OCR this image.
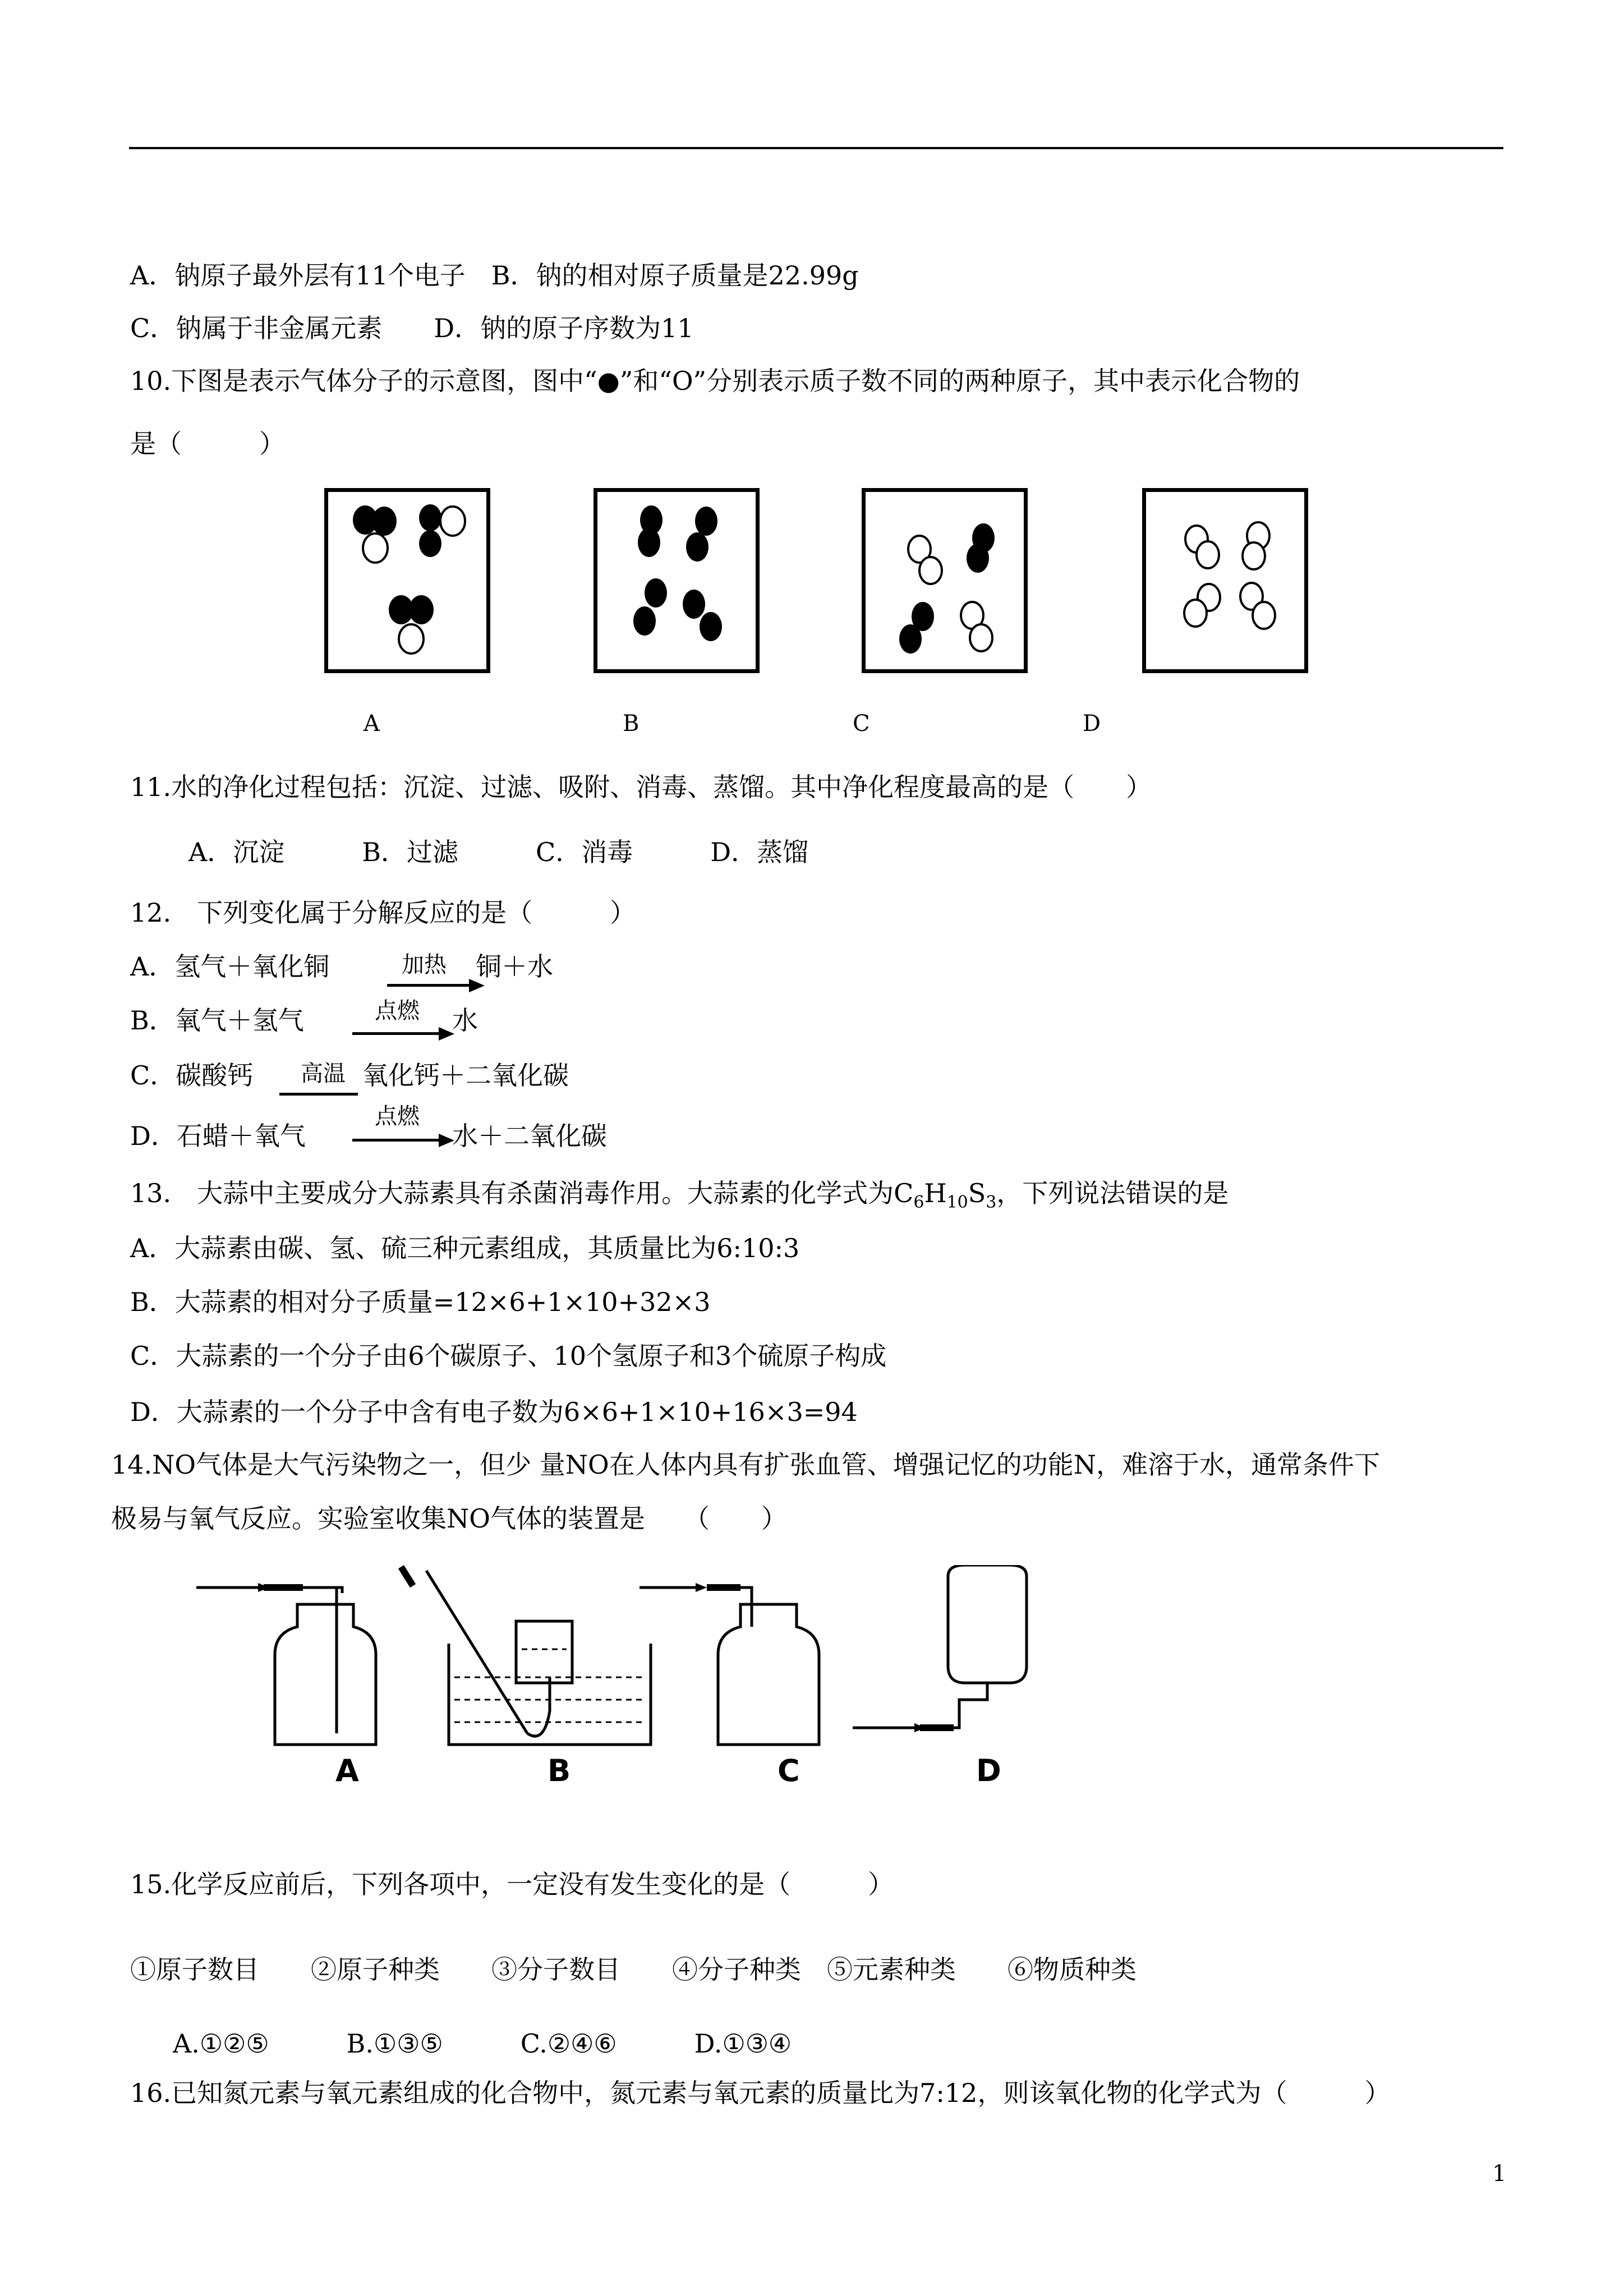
A．钠原子最外层有11个电子　B．钠的相对原子质量是22.99g
C．钠属于非金属元素　　D．钠的原子序数为11
10.下图是表示气体分子的示意图，图中“●”和“O”分别表示质子数不同的两种原子，其中表示化合物的
是（　　　）
A	B	C	D
11.水的净化过程包括：沉淀、过滤、吸附、消毒、蒸馏。其中净化程度最高的是（　　）
A．沉淀　　　B．过滤　　　C．消毒　　　D．蒸馏
12.　下列变化属于分解反应的是（　　　）
A．氢气＋氧化铜	加热 铜＋水
B．氧气＋氢气	点燃 水
C．碳酸钙 高温 氧化钙＋二氧化碳
D．石蜡＋氧气
点燃
水＋二氧化碳
13.　大蒜中主要成分大蒜素具有杀菌消毒作用。大蒜素的化学式为$C_6H_{10}S_3$，下列说法错误的是
A．大蒜素由碳、氢、硫三种元素组成，其质量比为6:10:3
B．大蒜素的相对分子质量=12×6+1×10+32×3
C．大蒜素的一个分子由6个碳原子、10个氢原子和3个硫原子构成
D．大蒜素的一个分子中含有电子数为6×6+1×10+16×3=94
14.NO气体是大气污染物之一，但少 量NO在人体内具有扩张血管、增强记忆的功能N，难溶于水，通常条件下
极易与氧气反应。实验室收集NO气体的装置是　　（　　）
A	B	C	D
15.化学反应前后，下列各项中，一定没有发生变化的是（　　　）
①原子数目　　②原子种类　　③分子数目　　④分子种类　⑤元素种类　　⑥物质种类
A.①②⑤　　　B.①③⑤　　　C.②④⑥　　　D.①③④
16.已知氮元素与氧元素组成的化合物中，氮元素与氧元素的质量比为7:12，则该氧化物的化学式为（　　　）
1
